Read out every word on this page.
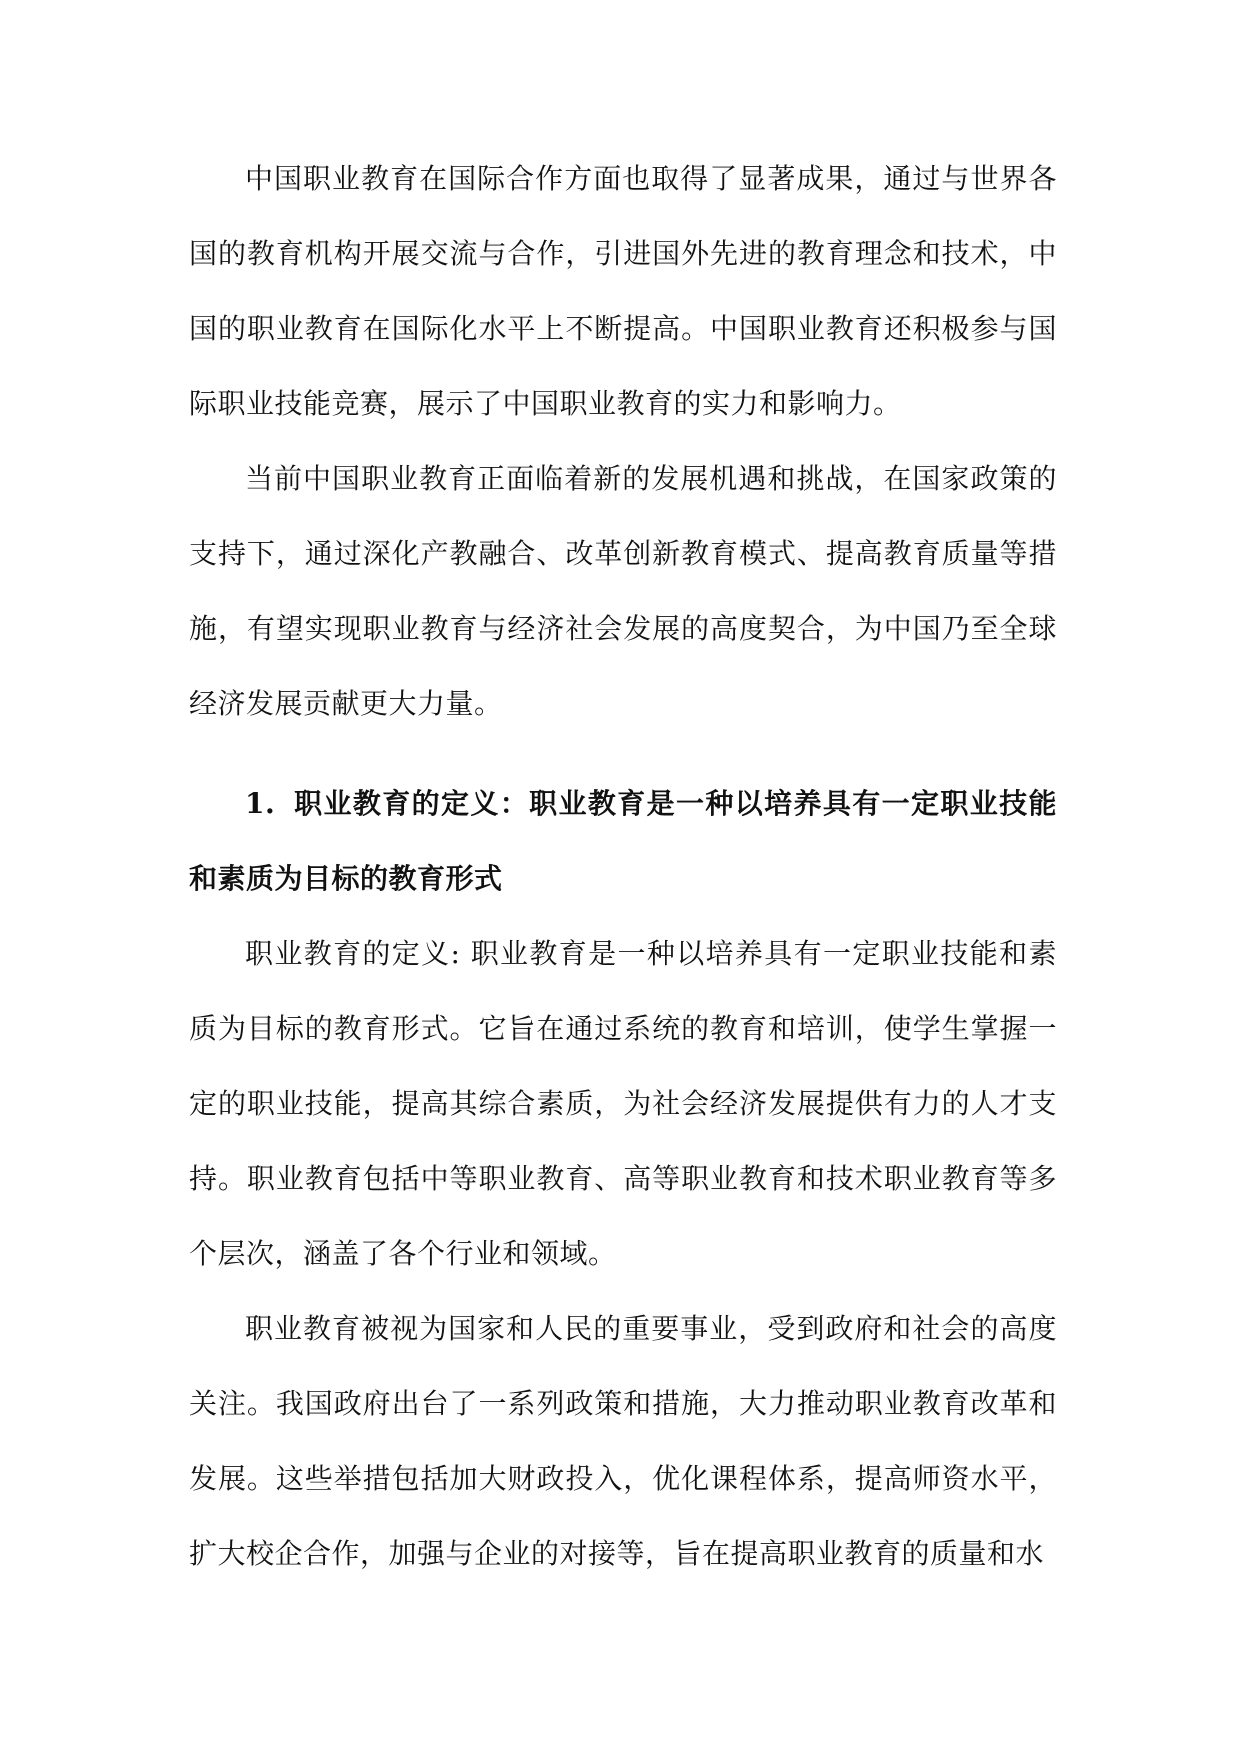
中国职业教育在国际合作方面也取得了显著成果，通过与世界各国的教育机构开展交流与合作，引进国外先进的教育理念和技术，中国的职业教育在国际化水平上不断提高。中国职业教育还积极参与国际职业技能竞赛，展示了中国职业教育的实力和影响力。

当前中国职业教育正面临着新的发展机遇和挑战，在国家政策的支持下，通过深化产教融合、改革创新教育模式、提高教育质量等措施，有望实现职业教育与经济社会发展的高度契合，为中国乃至全球经济发展贡献更大力量。

1. 职业教育的定义：职业教育是一种以培养具有一定职业技能和素质为目标的教育形式

职业教育的定义: 职业教育是一种以培养具有一定职业技能和素质为目标的教育形式。它旨在通过系统的教育和培训，使学生掌握一定的职业技能，提高其综合素质，为社会经济发展提供有力的人才支持。职业教育包括中等职业教育、高等职业教育和技术职业教育等多个层次，涵盖了各个行业和领域。

职业教育被视为国家和人民的重要事业，受到政府和社会的高度关注。我国政府出台了一系列政策和措施，大力推动职业教育改革和发展。这些举措包括加大财政投入，优化课程体系，提高师资水平，扩大校企合作，加强与企业的对接等，旨在提高职业教育的质量和水
